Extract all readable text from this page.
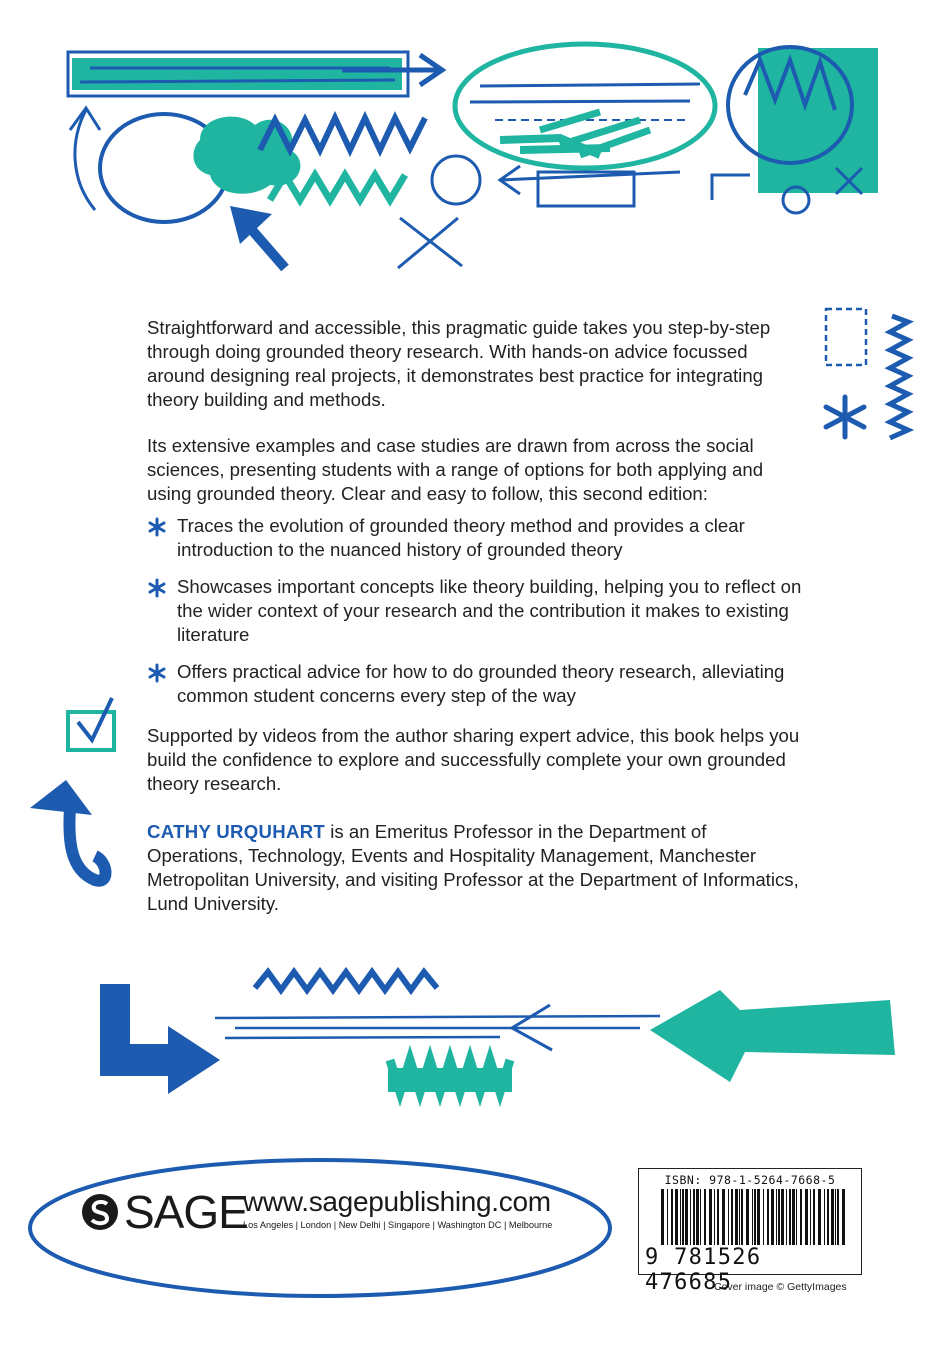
Straightforward and accessible, this pragmatic guide takes you step-by-step through doing grounded theory research. With hands-on advice focussed around designing real projects, it demonstrates best practice for integrating theory building and methods.

Its extensive examples and case studies are drawn from across the social sciences, presenting students with a range of options for both applying and using grounded theory. Clear and easy to follow, this second edition:

Traces the evolution of grounded theory method and provides a clear introduction to the nuanced history of grounded theory
Showcases important concepts like theory building, helping you to reflect on the wider context of your research and the contribution it makes to existing literature
Offers practical advice for how to do grounded theory research, alleviating common student concerns every step of the way

Supported by videos from the author sharing expert advice, this book helps you build the confidence to explore and successfully complete your own grounded theory research.

CATHY URQUHART is an Emeritus Professor in the Department of Operations, Technology, Events and Hospitality Management, Manchester Metropolitan University, and visiting Professor at the Department of Informatics, Lund University.

SAGE
www.sagepublishing.com
Los Angeles | London | New Delhi | Singapore | Washington DC | Melbourne
ISBN: 978-1-5264-7668-5
9 781526 476685
Cover image © GettyImages
